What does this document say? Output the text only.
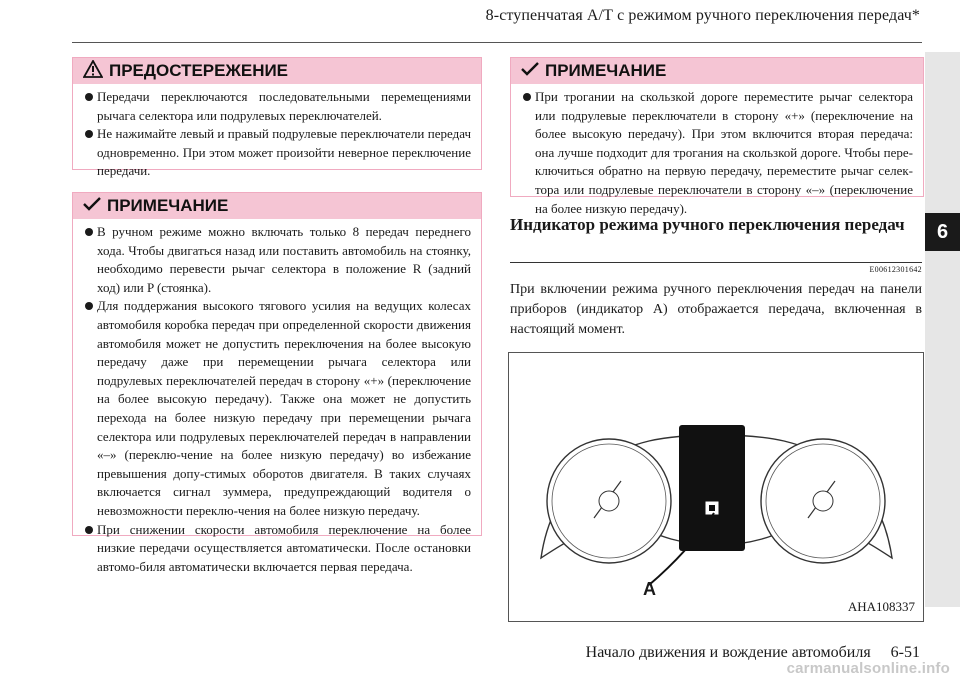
8-ступенчатая А/Т с режимом ручного переключения передач*
6
ПРЕДОСТЕРЕЖЕНИЕ

Передачи переключаются последовательными перемещениями рычага селектора или подрулевых переключателей.

Не нажимайте левый и правый подрулевые переключатели передач одновременно. При этом может произойти неверное переключение передачи.

ПРИМЕЧАНИЕ

В ручном режиме можно включать только 8 передач переднего хода. Чтобы двигаться назад или поставить автомобиль на стоянку, необходимо перевести рычаг селектора в положение R (задний ход) или P (стоянка).

Для поддержания высокого тягового усилия на ведущих колесах автомобиля коробка передач при определенной скорости движения автомобиля может не допустить переключения на более высокую передачу даже при перемещении рычага селектора или подрулевых переключателей передач в сторону «+» (переключение на более высокую передачу). Также она может не допустить перехода на более низкую передачу при перемещении рычага селектора или подрулевых переключателей передач в направлении «–» (переклю-чение на более низкую передачу) во избежание превышения допу-стимых оборотов двигателя. В таких случаях включается сигнал зуммера, предупреждающий водителя о невозможности переклю-чения на более низкую передачу.

При снижении скорости автомобиля переключение на более низкие передачи осуществляется автоматически. После остановки автомо-биля автоматически включается первая передача.

ПРИМЕЧАНИЕ

При трогании на скользкой дороге переместите рычаг селектора или подрулевые переключатели в сторону «+» (переключение на более высокую передачу). При этом включится вторая передача: она лучше подходит для трогания на скользкой дороге. Чтобы пере-ключиться обратно на первую передачу, переместите рычаг селек-тора или подрулевые переключатели в сторону «–» (переключение на более низкую передачу).

Индикатор режима ручного переключения передач
E00612301642
При включении режима ручного переключения передач на панели приборов (индикатор A) отображается передача, включенная в настоящий момент.
A
AHA108337
Начало движения и вождение автомобиля     6-51
carmanualsonline.info
